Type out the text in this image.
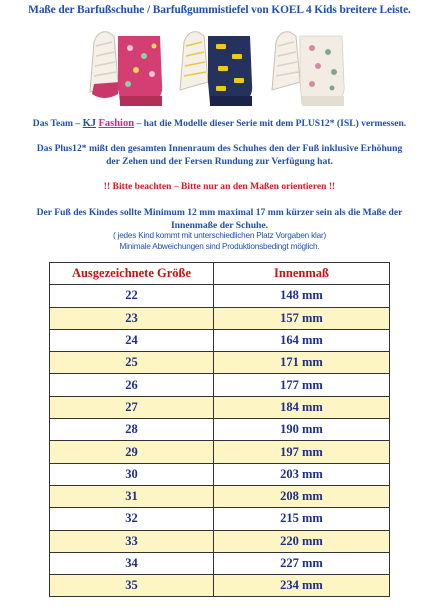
Maße der Barfußschuhe / Barfußgummistiefel von KOEL 4 Kids breitere Leiste.
Das Team – KJ Fashion – hat die Modelle dieser Serie mit dem PLUS12* (ISL) vermessen.
Das Plus12* mißt den gesamten Innenraum des Schuhes den der Fuß inklusive Erhöhung
der Zehen und der Fersen Rundung zur Verfügung hat.
!! Bitte beachten – Bitte nur an den Maßen orientieren !!
Der Fuß des Kindes sollte Minimum 12 mm maximal 17 mm kürzer sein als die Maße der
Innenmaße der Schuhe.
( jedes Kind kommt mit unterschiedlichen Platz Vorgaben klar)
Minimale Abweichungen sind Produktionsbedingt möglich.
Ausgezeichnete Größe	Innenmaß
22	148 mm
23	157 mm
24	164 mm
25	171 mm
26	177 mm
27	184 mm
28	190 mm
29	197 mm
30	203 mm
31	208 mm
32	215 mm
33	220 mm
34	227 mm
35	234 mm
